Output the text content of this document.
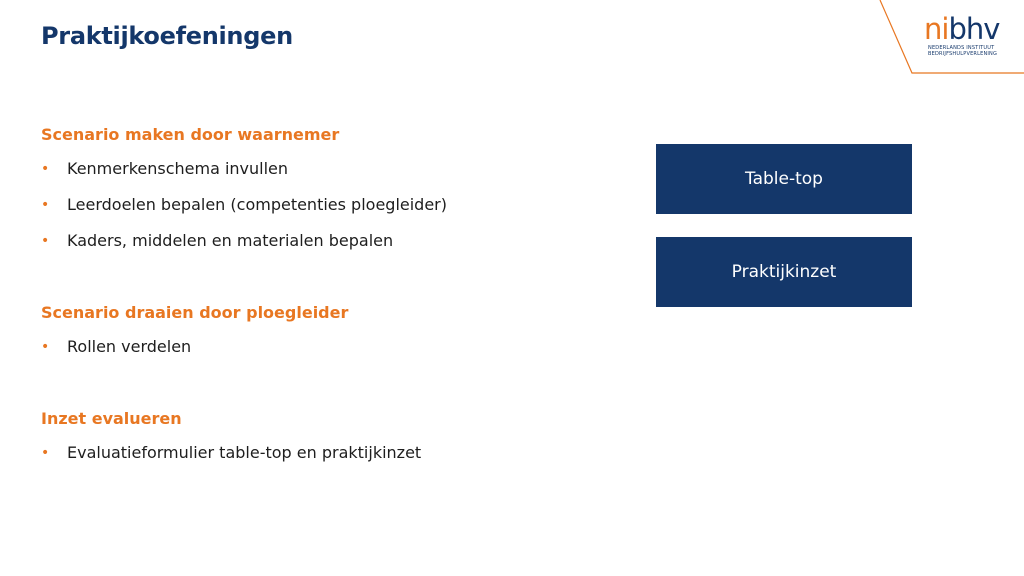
Praktijkoefeningen	nibhv
NEDERLANDS INSTITUUT
BEDRIJFSHULPVERLENING
Scenario maken door waarnemer
• Kenmerkenschema invullen
• Leerdoelen bepalen (competenties ploegleider)
• Kaders, middelen en materialen bepalen
Scenario draaien door ploegleider
• Rollen verdelen
Inzet evalueren
• Evaluatieformulier table-top en praktijkinzet
Table-top
Praktijkinzet
